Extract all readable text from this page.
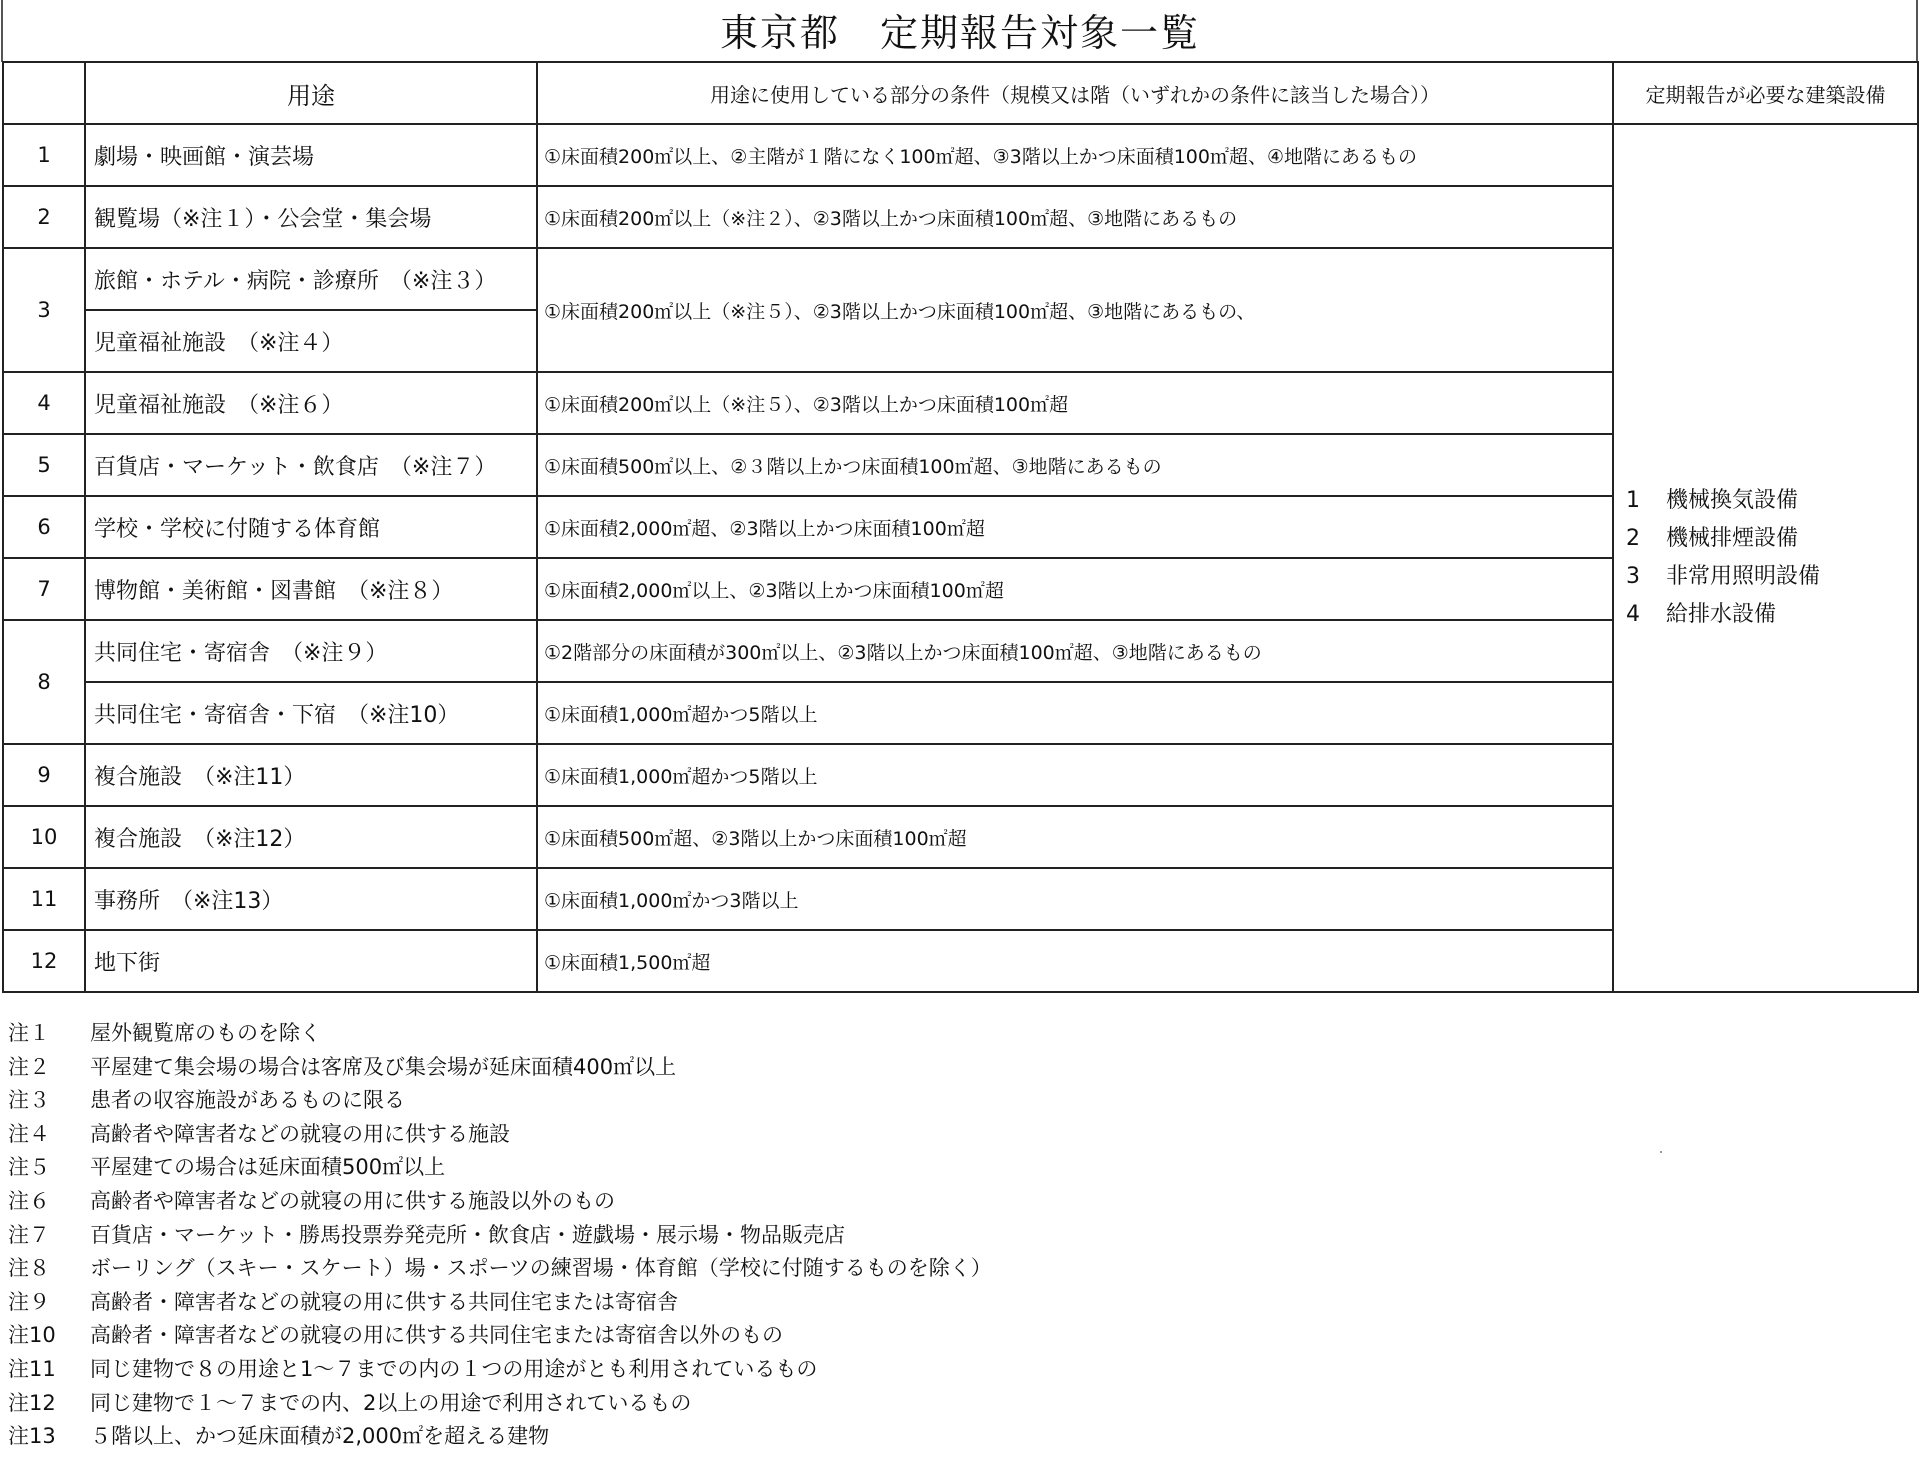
東京都　定期報告対象一覧
	用途	用途に使用している部分の条件（規模又は階（いずれかの条件に該当した場合））	定期報告が必要な建築設備
1	劇場・映画館・演芸場	①床面積200㎡以上、②主階が１階になく100㎡超、③3階以上かつ床面積100㎡超、④地階にあるもの	1 機械換気設備
2 機械排煙設備
3 非常用照明設備
4 給排水設備

2	観覧場（※注１）・公会堂・集会場	①床面積200㎡以上（※注２）、②3階以上かつ床面積100㎡超、③地階にあるもの	
3	旅館・ホテル・病院・診療所　（※注３）	①床面積200㎡以上（※注５）、②3階以上かつ床面積100㎡超、③地階にあるもの、	
	児童福祉施設　（※注４）		
4	児童福祉施設　（※注６）	①床面積200㎡以上（※注５）、②3階以上かつ床面積100㎡超	
5	百貨店・マーケット・飲食店　（※注７）	①床面積500㎡以上、②３階以上かつ床面積100㎡超、③地階にあるもの	
6	学校・学校に付随する体育館	①床面積2,000㎡超、②3階以上かつ床面積100㎡超	
7	博物館・美術館・図書館　（※注８）	①床面積2,000㎡以上、②3階以上かつ床面積100㎡超	
8	共同住宅・寄宿舎　（※注９）	①2階部分の床面積が300㎡以上、②3階以上かつ床面積100㎡超、③地階にあるもの	
	共同住宅・寄宿舎・下宿　（※注10）	①床面積1,000㎡超かつ5階以上	
9	複合施設　（※注11）	①床面積1,000㎡超かつ5階以上	
10	複合施設　（※注12）	①床面積500㎡超、②3階以上かつ床面積100㎡超	
11	事務所　（※注13）	①床面積1,000㎡かつ3階以上	
12	地下街	①床面積1,500㎡超	
注１ 屋外観覧席のものを除く
注２ 平屋建て集会場の場合は客席及び集会場が延床面積400㎡以上
注３ 患者の収容施設があるものに限る
注４ 高齢者や障害者などの就寝の用に供する施設
注５ 平屋建ての場合は延床面積500㎡以上
注６ 高齢者や障害者などの就寝の用に供する施設以外のもの
注７ 百貨店・マーケット・勝馬投票券発売所・飲食店・遊戯場・展示場・物品販売店
注８ ボーリング（スキー・スケート）場・スポーツの練習場・体育館（学校に付随するものを除く）
注９ 高齢者・障害者などの就寝の用に供する共同住宅または寄宿舎
注10 高齢者・障害者などの就寝の用に供する共同住宅または寄宿舎以外のもの
注11 同じ建物で８の用途と1～７までの内の１つの用途がとも利用されているもの
注12 同じ建物で１～７までの内、2以上の用途で利用されているもの
注13 ５階以上、かつ延床面積が2,000㎡を超える建物
